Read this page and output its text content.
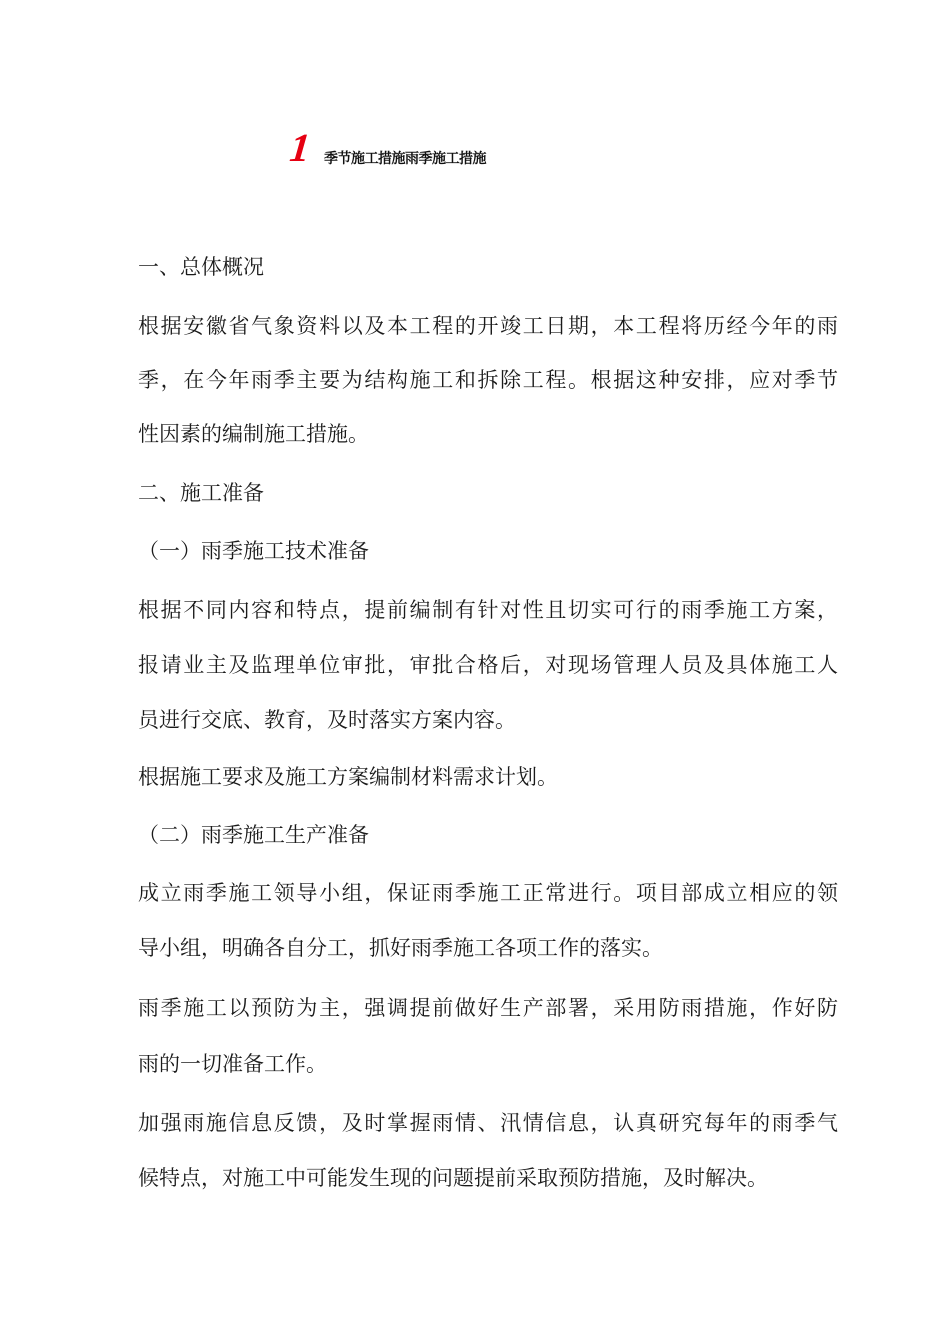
1 季节施工措施雨季施工措施
一、总体概况
根据安徽省气象资料以及本工程的开竣工日期，本工程将历经今年的雨
季，在今年雨季主要为结构施工和拆除工程。根据这种安排，应对季节
性因素的编制施工措施。
二、施工准备
（一）雨季施工技术准备
根据不同内容和特点，提前编制有针对性且切实可行的雨季施工方案，
报请业主及监理单位审批，审批合格后，对现场管理人员及具体施工人
员进行交底、教育，及时落实方案内容。
根据施工要求及施工方案编制材料需求计划。
（二）雨季施工生产准备
成立雨季施工领导小组，保证雨季施工正常进行。项目部成立相应的领
导小组，明确各自分工，抓好雨季施工各项工作的落实。
雨季施工以预防为主，强调提前做好生产部署，采用防雨措施，作好防
雨的一切准备工作。
加强雨施信息反馈，及时掌握雨情、汛情信息，认真研究每年的雨季气
候特点，对施工中可能发生现的问题提前采取预防措施，及时解决。
